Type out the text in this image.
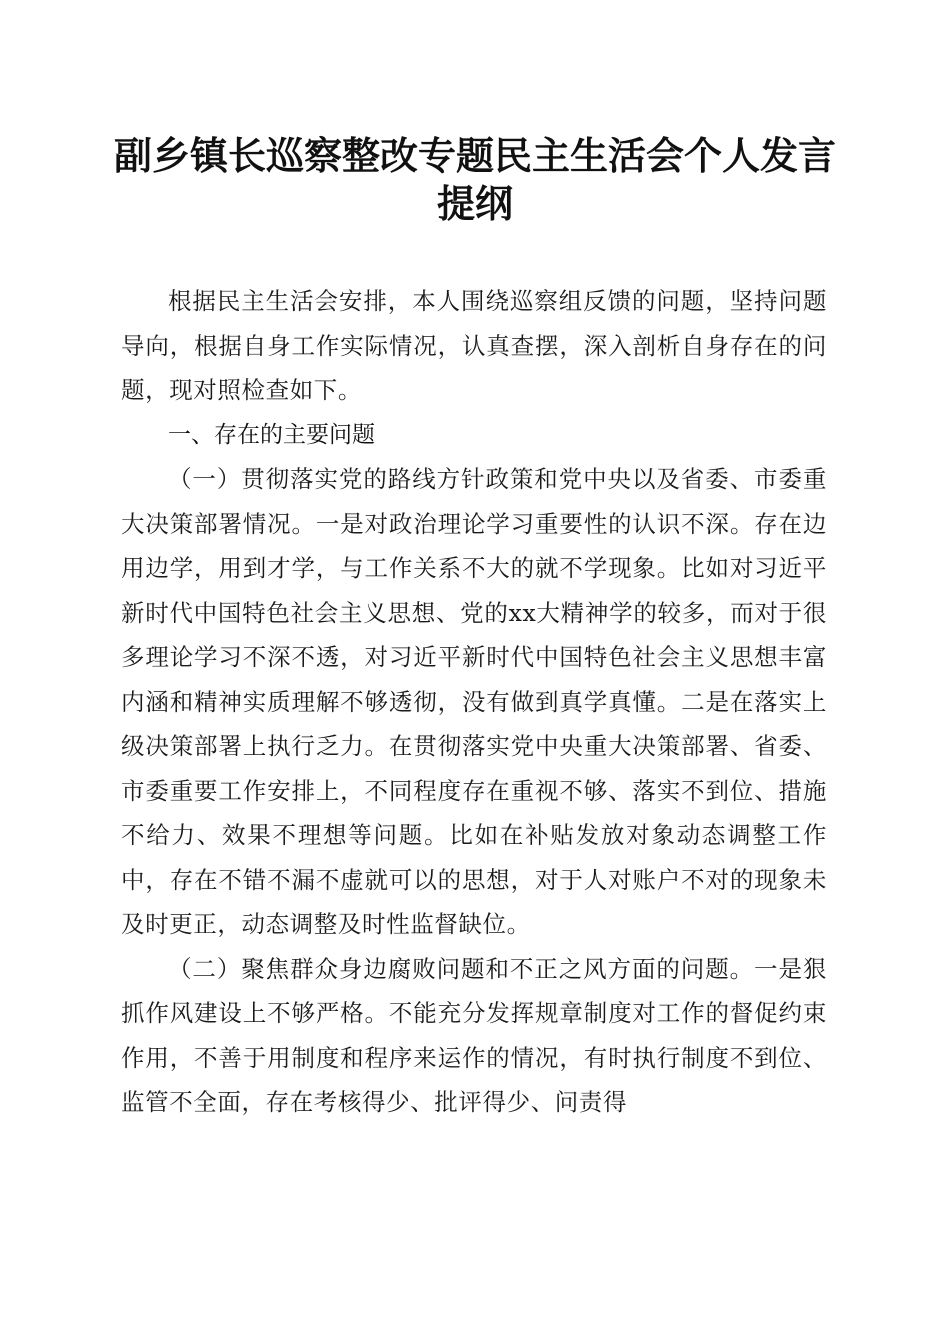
副乡镇长巡察整改专题民主生活会个人发言提纲

根据民主生活会安排，本人围绕巡察组反馈的问题，坚持问题导向，根据自身工作实际情况，认真查摆，深入剖析自身存在的问题，现对照检查如下。

一、存在的主要问题

（一）贯彻落实党的路线方针政策和党中央以及省委、市委重大决策部署情况。一是对政治理论学习重要性的认识不深。存在边用边学，用到才学，与工作关系不大的就不学现象。比如对习近平新时代中国特色社会主义思想、党的xx大精神学的较多，而对于很多理论学习不深不透，对习近平新时代中国特色社会主义思想丰富内涵和精神实质理解不够透彻，没有做到真学真懂。二是在落实上级决策部署上执行乏力。在贯彻落实党中央重大决策部署、省委、市委重要工作安排上，不同程度存在重视不够、落实不到位、措施不给力、效果不理想等问题。比如在补贴发放对象动态调整工作中，存在不错不漏不虚就可以的思想，对于人对账户不对的现象未及时更正，动态调整及时性监督缺位。

（二）聚焦群众身边腐败问题和不正之风方面的问题。一是狠抓作风建设上不够严格。不能充分发挥规章制度对工作的督促约束作用，不善于用制度和程序来运作的情况，有时执行制度不到位、监管不全面，存在考核得少、批评得少、问责得
